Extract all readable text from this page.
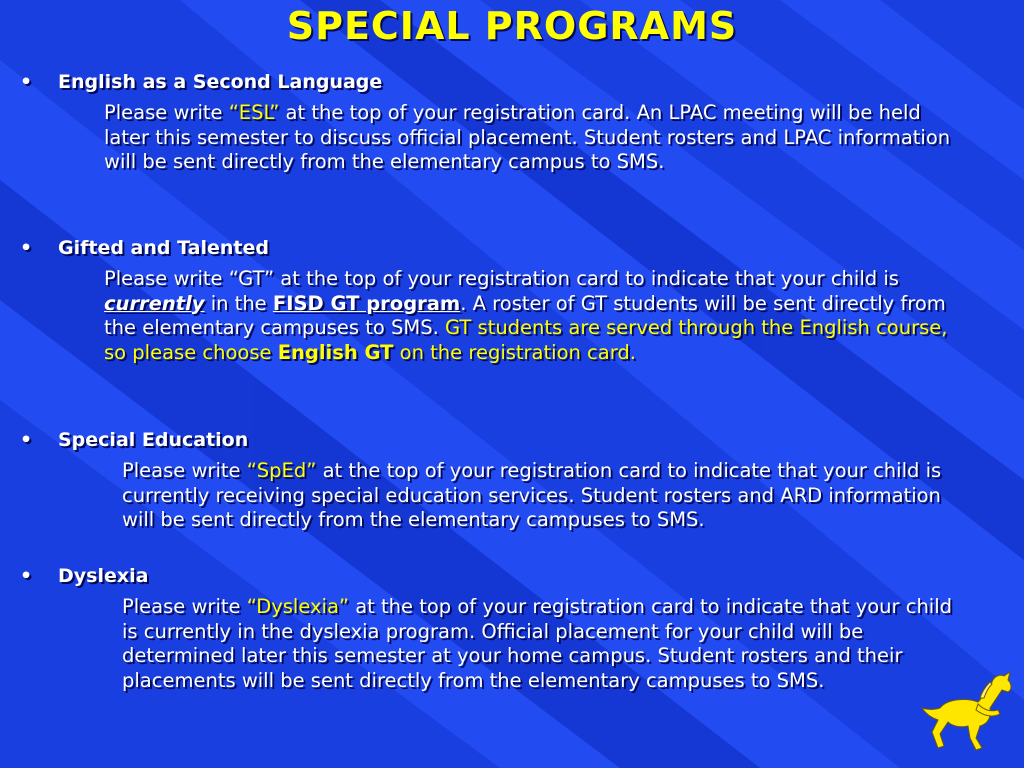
SPECIAL PROGRAMS
• English as a Second Language

Please write “ESL” at the top of your registration card. An LPAC meeting will be held later this semester to discuss official placement. Student rosters and LPAC information will be sent directly from the elementary campus to SMS.

• Gifted and Talented

Please write “GT” at the top of your registration card to indicate that your child is currently in the FISD GT program. A roster of GT students will be sent directly from the elementary campuses to SMS. GT students are served through the English course, so please choose English GT on the registration card.

• Special Education

Please write “SpEd” at the top of your registration card to indicate that your child is currently receiving special education services. Student rosters and ARD information will be sent directly from the elementary campuses to SMS.

• Dyslexia

Please write “Dyslexia” at the top of your registration card to indicate that your child is currently in the dyslexia program. Official placement for your child will be determined later this semester at your home campus. Student rosters and their placements will be sent directly from the elementary campuses to SMS.
